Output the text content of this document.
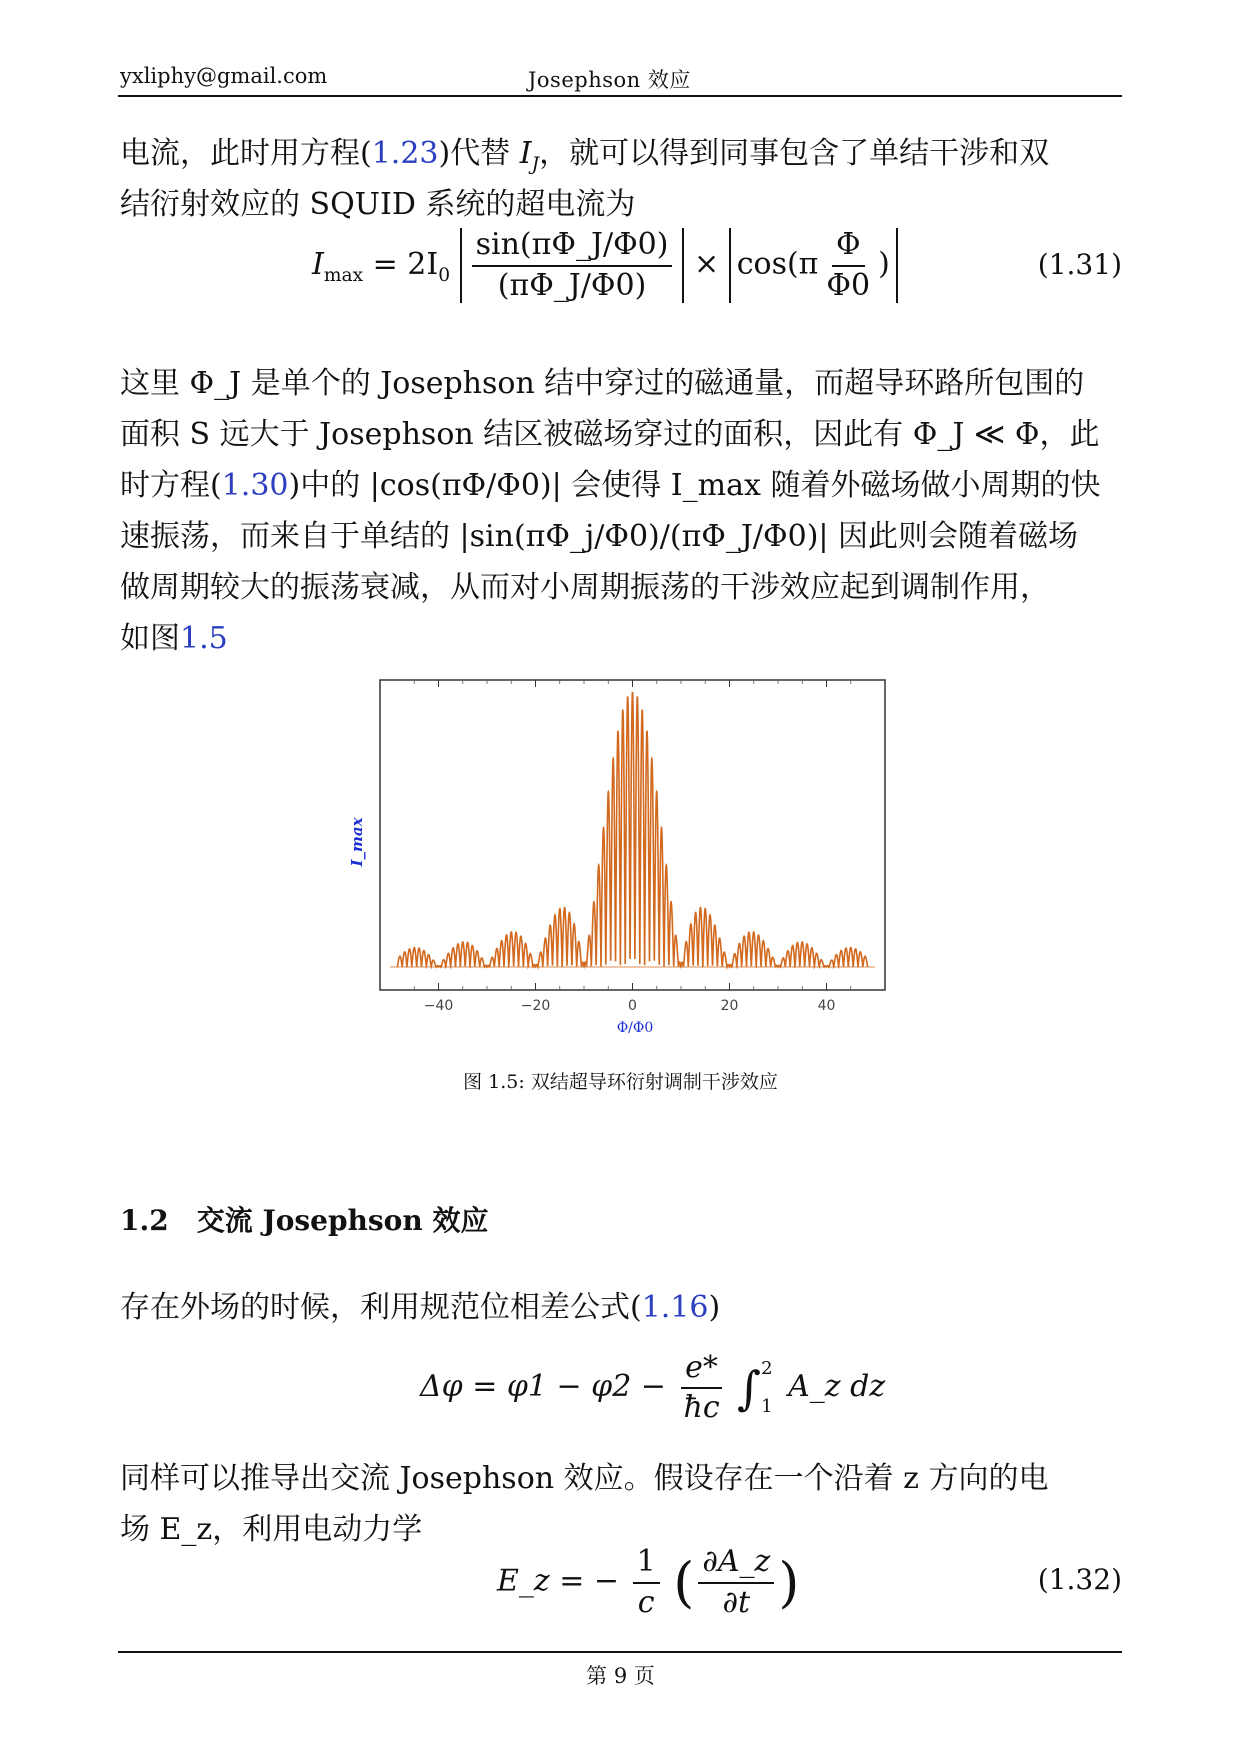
yxliphy@gmail.com	Josephson 效应
电流，此时用方程(1.23)代替 $I_J$，就可以得到同事包含了单结干涉和双
结衍射效应的 SQUID 系统的超电流为
$I_{max} = 2I_0 \frac{\sin(\pi\Phi\_J/\Phi 0)}{(\pi\Phi\_J/\Phi 0)} \times \cos(\pi \frac{\Phi}{\Phi 0}$ )	(1.31)
这里 Φ_J 是单个的 Josephson 结中穿过的磁通量，而超导环路所包围的
面积 S 远大于 Josephson 结区被磁场穿过的面积，因此有 Φ_J ≪ Φ，此
时方程(1.30)中的 |cos(πΦ/Φ0)| 会使得 I_max 随着外磁场做小周期的快
速振荡，而来自于单结的 |sin(πΦ_j/Φ0)/(πΦ_J/Φ0)| 因此则会随着磁场
做周期较大的振荡衰减，从而对小周期振荡的干涉效应起到调制作用，
如图1.5
−40	−20	0	20	40
Φ/Φ0
I_max
图 1.5: 双结超导环衍射调制干涉效应
1.2 交流 Josephson 效应
存在外场的时候，利用规范位相差公式(1.16)
$\Delta\varphi = \varphi 1 - \varphi 2 - \frac{e*}{ħc}$ ∫ 2
1
A_z dz
同样可以推导出交流 Josephson 效应。假设存在一个沿着 z 方向的电
场 E_z，利用电动力学
E_z = − $\frac{1}{c}$ ( $\frac{\partial A\_z}{\partial t}$ )	(1.32)
第 9 页
